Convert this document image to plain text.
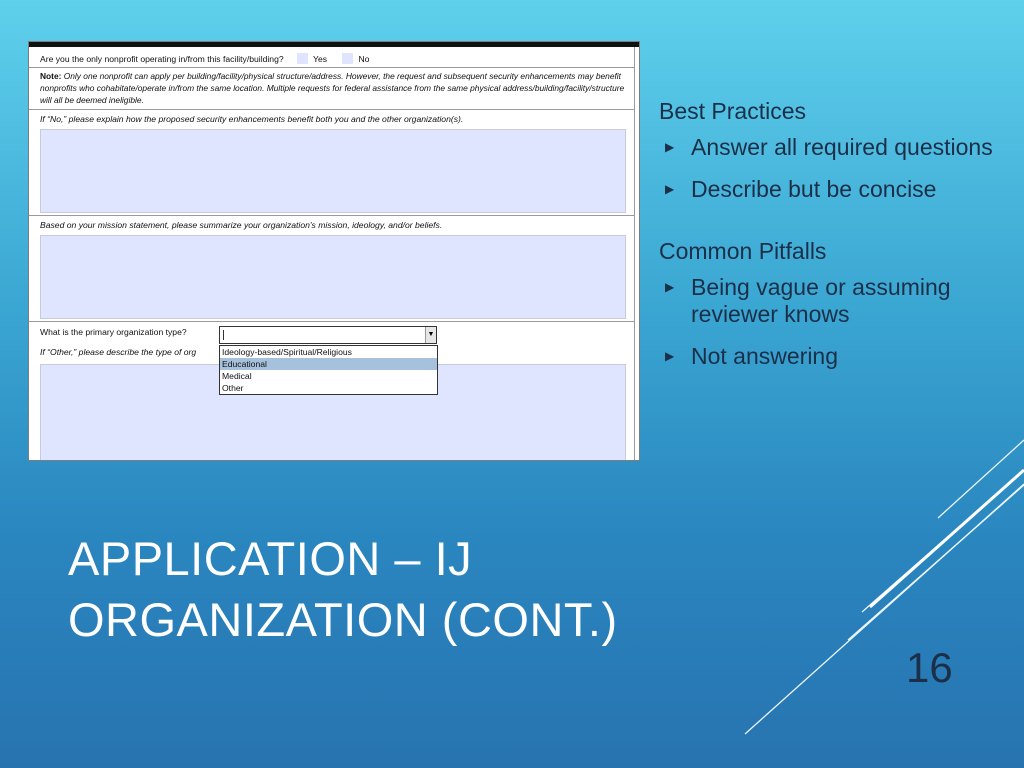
Are you the only nonprofit operating in/from this facility/building?	Yes	No
Note: Only one nonprofit can apply per building/facility/physical structure/address. However, the request and subsequent security enhancements may benefit nonprofits who cohabitate/operate in/from the same location. Multiple requests for federal assistance from the same physical address/building/facility/structure will all be deemed ineligible.
If “No,” please explain how the proposed security enhancements benefit both you and the other organization(s).
Based on your mission statement, please summarize your organization's mission, ideology, and/or beliefs.
What is the primary organization type?
If “Other,” please describe the type of org
▼
Ideology-based/Spiritual/Religious
Educational
Medical
Other
Best Practices
▶ Answer all required questions
▶ Describe but be concise
Common Pitfalls
▶ Being vague or assuming reviewer knows
▶ Not answering
APPLICATION – IJ
ORGANIZATION (CONT.)
16
